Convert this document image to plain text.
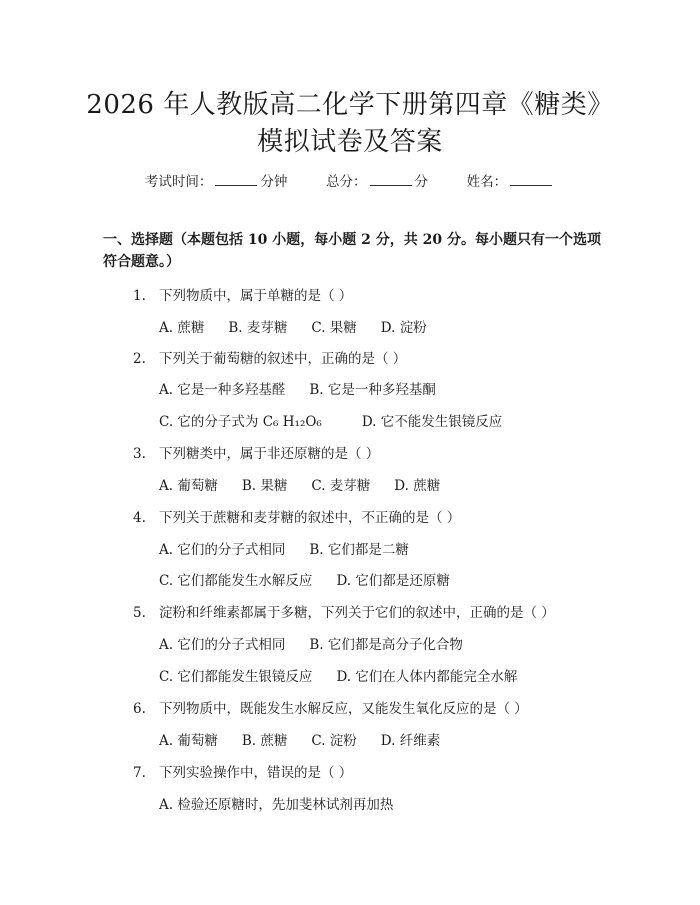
2026 年人教版高二化学下册第四章《糖类》
模拟试卷及答案
考试时间：	分钟	总分：	分	姓名：
一、选择题（本题包括 10 小题，每小题 2 分，共 20 分。每小题只有一个选项符合题意。）
1. 下列物质中，属于单糖的是（ ）
A. 蔗糖 B. 麦芽糖 C. 果糖 D. 淀粉
2. 下列关于葡萄糖的叙述中，正确的是（ ）
A. 它是一种多羟基醛 B. 它是一种多羟基酮
C. 它的分子式为 C₆ H₁₂O₆	D. 它不能发生银镜反应
3. 下列糖类中，属于非还原糖的是（ ）
A. 葡萄糖 B. 果糖 C. 麦芽糖 D. 蔗糖
4. 下列关于蔗糖和麦芽糖的叙述中，不正确的是（ ）
A. 它们的分子式相同 B. 它们都是二糖
C. 它们都能发生水解反应 D. 它们都是还原糖
5. 淀粉和纤维素都属于多糖，下列关于它们的叙述中，正确的是（ ）
A. 它们的分子式相同 B. 它们都是高分子化合物
C. 它们都能发生银镜反应 D. 它们在人体内都能完全水解
6. 下列物质中，既能发生水解反应，又能发生氧化反应的是（ ）
A. 葡萄糖 B. 蔗糖 C. 淀粉 D. 纤维素
7. 下列实验操作中，错误的是（ ）
A. 检验还原糖时，先加斐林试剂再加热
